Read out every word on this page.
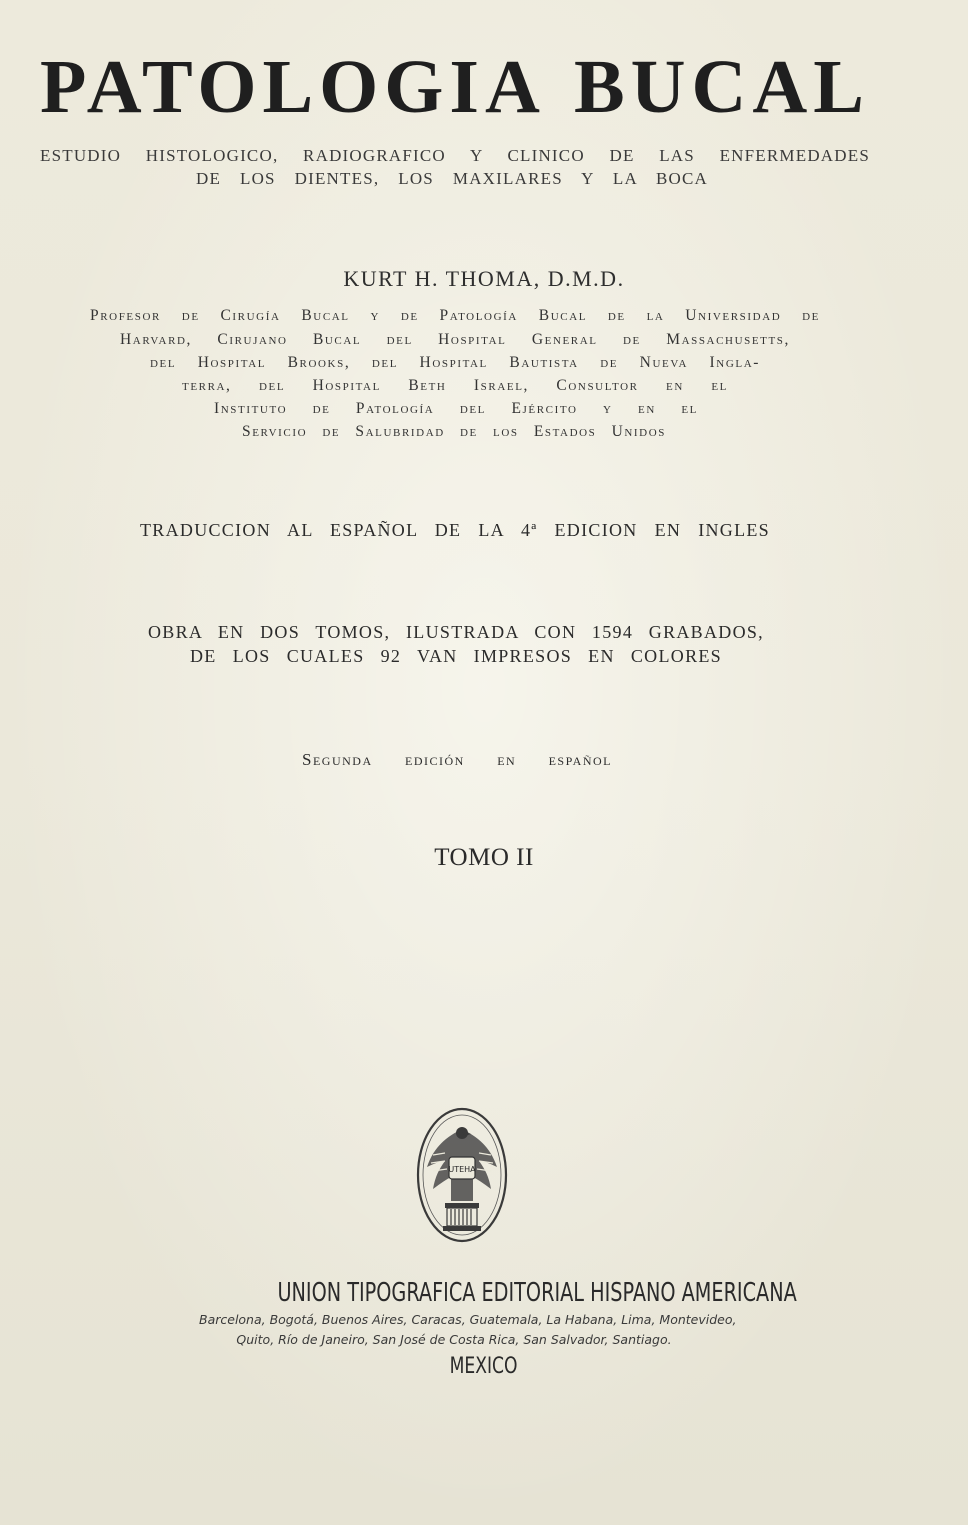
PATOLOGIA BUCAL

ESTUDIO HISTOLOGICO, RADIOGRAFICO Y CLINICO DE LAS ENFERMEDADES

DE LOS DIENTES, LOS MAXILARES Y LA BOCA

KURT H. THOMA, D.M.D.

Profesor de Cirugía Bucal y de Patología Bucal de la Universidad de

Harvard, Cirujano Bucal del Hospital General de Massachusetts,

del Hospital Brooks, del Hospital Bautista de Nueva Ingla-

terra, del Hospital Beth Israel, Consultor en el

Instituto de Patología del Ejército y en el

Servicio de Salubridad de los Estados Unidos

TRADUCCION AL ESPAÑOL DE LA 4ª EDICION EN INGLES

OBRA EN DOS TOMOS, ILUSTRADA CON 1594 GRABADOS,

DE LOS CUALES 92 VAN IMPRESOS EN COLORES

Segunda edición en español

TOMO II

UTEHA

UNION TIPOGRAFICA EDITORIAL HISPANO AMERICANA

Barcelona, Bogotá, Buenos Aires, Caracas, Guatemala, La Habana, Lima, Montevideo,

Quito, Río de Janeiro, San José de Costa Rica, San Salvador, Santiago.

MEXICO
